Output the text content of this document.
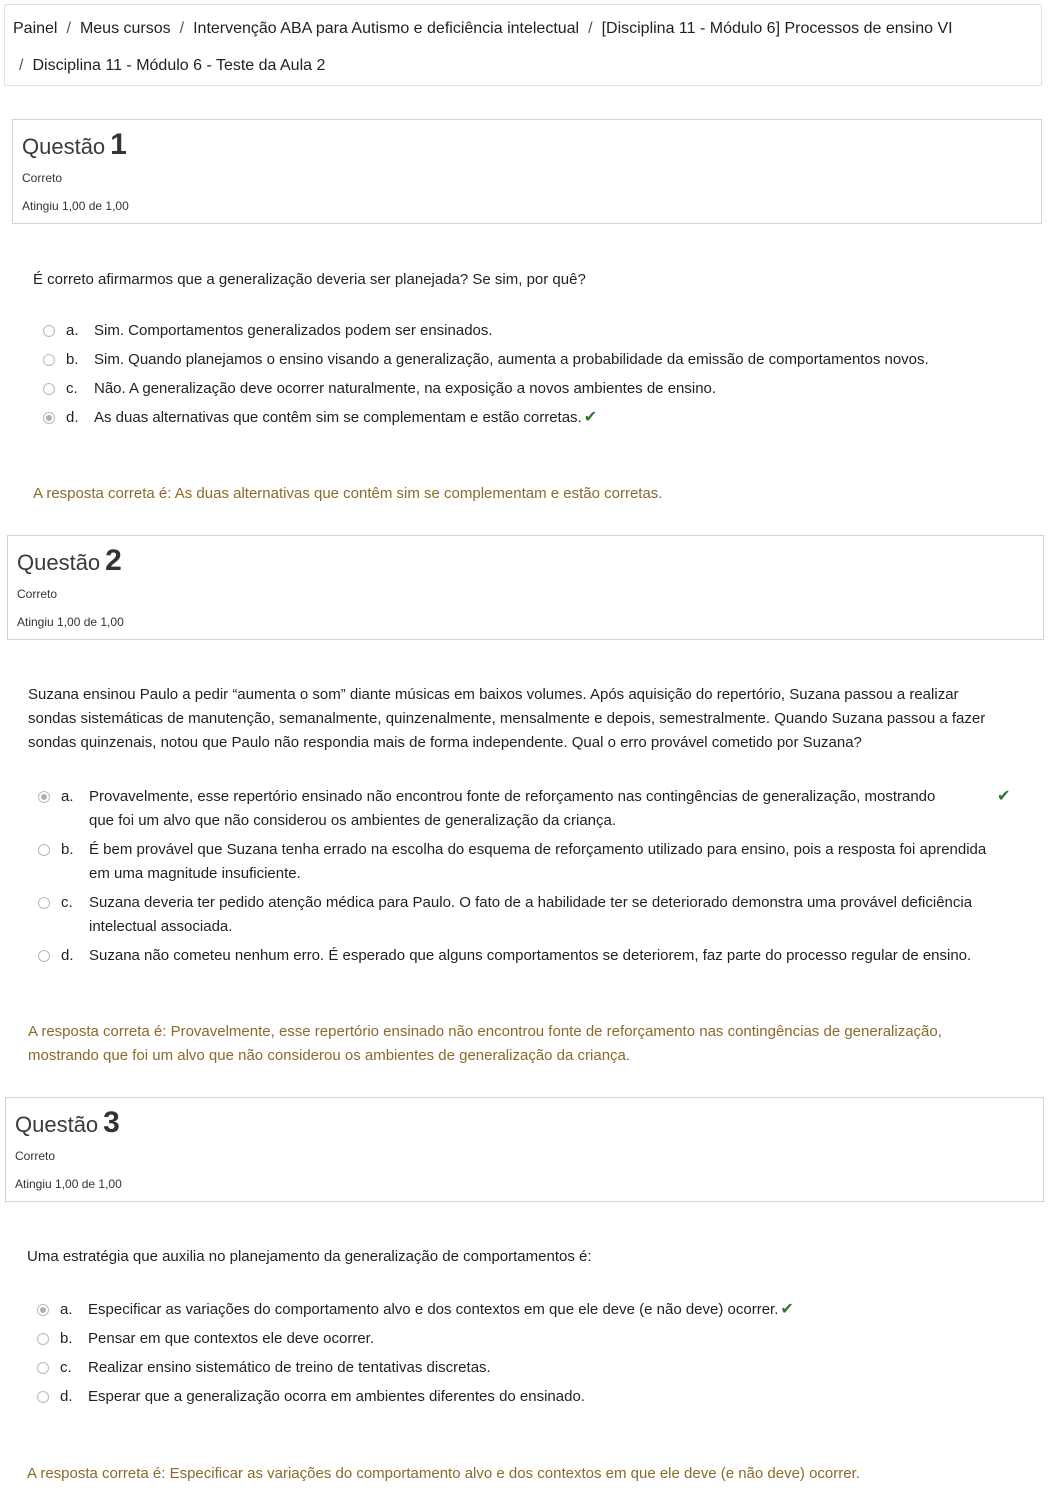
Painel / Meus cursos / Intervenção ABA para Autismo e deficiência intelectual / [Disciplina 11 - Módulo 6] Processos de ensino VI
/ Disciplina 11 - Módulo 6 - Teste da Aula 2
Questão 1
Correto
Atingiu 1,00 de 1,00
É correto afirmarmos que a generalização deveria ser planejada? Se sim, por quê?
a. Sim. Comportamentos generalizados podem ser ensinados.
b. Sim. Quando planejamos o ensino visando a generalização, aumenta a probabilidade da emissão de comportamentos novos.
c. Não. A generalização deve ocorrer naturalmente, na exposição a novos ambientes de ensino.
d. As duas alternativas que contêm sim se complementam e estão corretas. ✔
A resposta correta é: As duas alternativas que contêm sim se complementam e estão corretas.
Questão 2
Correto
Atingiu 1,00 de 1,00
Suzana ensinou Paulo a pedir “aumenta o som” diante músicas em baixos volumes. Após aquisição do repertório, Suzana passou a realizar
sondas sistemáticas de manutenção, semanalmente, quinzenalmente, mensalmente e depois, semestralmente. Quando Suzana passou a fazer
sondas quinzenais, notou que Paulo não respondia mais de forma independente. Qual o erro provável cometido por Suzana?
a. Provavelmente, esse repertório ensinado não encontrou fonte de reforçamento nas contingências de generalização, mostrando
que foi um alvo que não considerou os ambientes de generalização da criança.
✔
b. É bem provável que Suzana tenha errado na escolha do esquema de reforçamento utilizado para ensino, pois a resposta foi aprendida
em uma magnitude insuficiente.
c. Suzana deveria ter pedido atenção médica para Paulo. O fato de a habilidade ter se deteriorado demonstra uma provável deficiência
intelectual associada.
d. Suzana não cometeu nenhum erro. É esperado que alguns comportamentos se deteriorem, faz parte do processo regular de ensino.
A resposta correta é: Provavelmente, esse repertório ensinado não encontrou fonte de reforçamento nas contingências de generalização,
mostrando que foi um alvo que não considerou os ambientes de generalização da criança.
Questão 3
Correto
Atingiu 1,00 de 1,00
Uma estratégia que auxilia no planejamento da generalização de comportamentos é:
a. Especificar as variações do comportamento alvo e dos contextos em que ele deve (e não deve) ocorrer. ✔
b. Pensar em que contextos ele deve ocorrer.
c. Realizar ensino sistemático de treino de tentativas discretas.
d. Esperar que a generalização ocorra em ambientes diferentes do ensinado.
A resposta correta é: Especificar as variações do comportamento alvo e dos contextos em que ele deve (e não deve) ocorrer.
